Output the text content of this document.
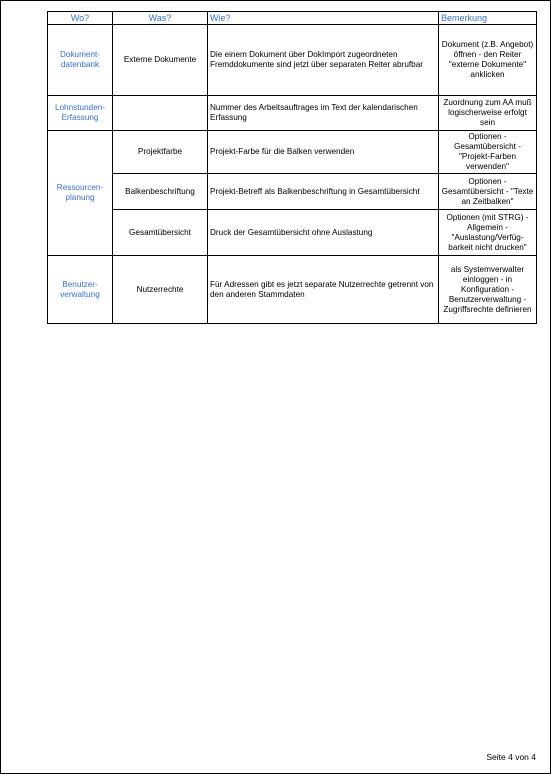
Wo?	Was?	Wie?	Bemerkung
Dokument-
datenbank	Externe Dokumente	Die einem Dokument über DokImport zugeordneten Fremddokumente sind jetzt über separaten Reiter abrufbar	Dokument (z.B. Angebot) öffnen - den Reiter "externe Dokumente" anklicken
Lohnstunden-
Erfassung		Nummer des Arbeitsauftrages im Text der kalendarischen Erfassung	Zuordnung zum AA muß logischerweise erfolgt sein
Ressourcen-
planung	Projektfarbe	Projekt-Farbe für die Balken verwenden	Optionen - Gesamtübersicht - "Projekt-Farben verwenden"
	Balkenbeschriftung	Projekt-Betreff als Balkenbeschriftung in Gesamtübersicht	Optionen - Gesamtübersicht - "Texte an Zeitbalken"
	Gesamtübersicht	Druck der Gesamtübersicht ohne Auslastung	Optionen (mit STRG) - Allgemein - "Auslastung/Verfüg-barkeit nicht drucken"
Benutzer-
verwaltung	Nutzerrechte	Für Adressen gibt es jetzt separate Nutzerrechte getrennt von den anderen Stammdaten	als Systemverwalter einloggen - in Konfiguration - Benutzerverwaltung - Zugriffsrechte definieren
Seite 4 von 4
